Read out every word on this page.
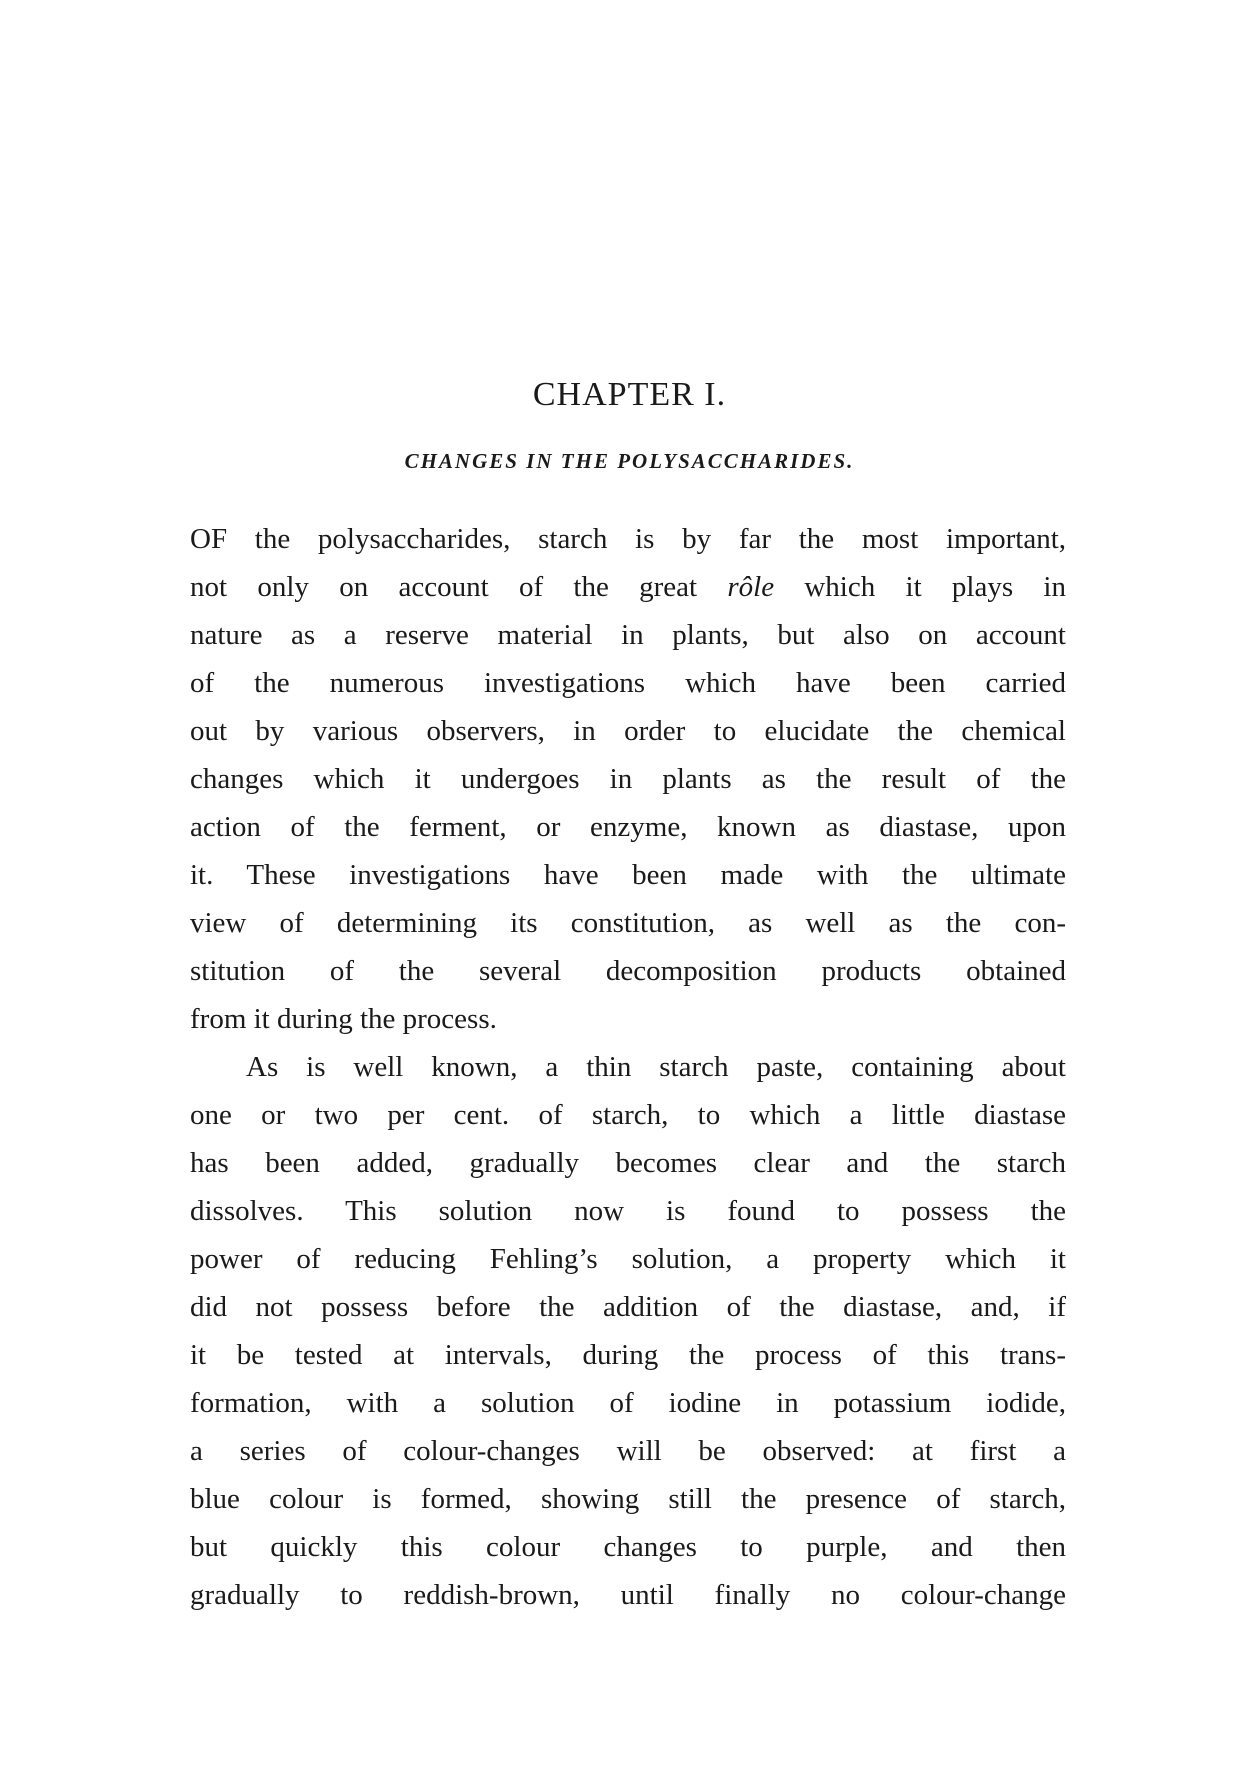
CHAPTER I.
CHANGES IN THE POLYSACCHARIDES.
OF the polysaccharides, starch is by far the most important,
not only on account of the great rôle which it plays in
nature as a reserve material in plants, but also on account
of the numerous investigations which have been carried
out by various observers, in order to elucidate the chemical
changes which it undergoes in plants as the result of the
action of the ferment, or enzyme, known as diastase, upon
it. These investigations have been made with the ultimate
view of determining its constitution, as well as the con-
stitution of the several decomposition products obtained
from it during the process.
As is well known, a thin starch paste, containing about
one or two per cent. of starch, to which a little diastase
has been added, gradually becomes clear and the starch
dissolves. This solution now is found to possess the
power of reducing Fehling’s solution, a property which it
did not possess before the addition of the diastase, and, if
it be tested at intervals, during the process of this trans-
formation, with a solution of iodine in potassium iodide,
a series of colour-changes will be observed: at first a
blue colour is formed, showing still the presence of starch,
but quickly this colour changes to purple, and then
gradually to reddish-brown, until finally no colour-change
